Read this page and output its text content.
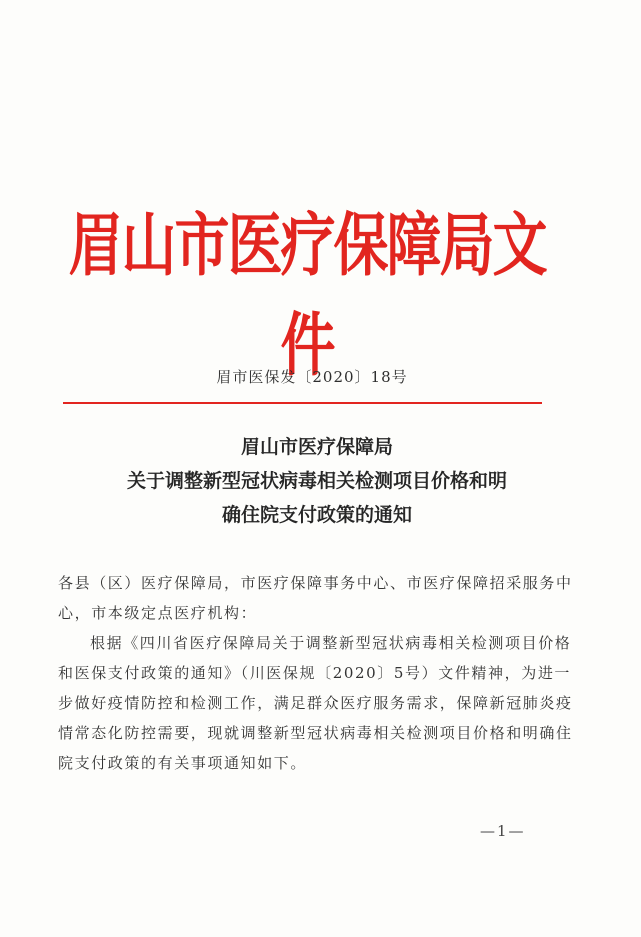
眉山市医疗保障局文件
眉市医保发〔2020〕18号
眉山市医疗保障局
关于调整新型冠状病毒相关检测项目价格和明
确住院支付政策的通知

各县（区）医疗保障局，市医疗保障事务中心、市医疗保障招采服务中心，市本级定点医疗机构：

根据《四川省医疗保障局关于调整新型冠状病毒相关检测项目价格和医保支付政策的通知》（川医保规〔2020〕5号）文件精神，为进一步做好疫情防控和检测工作，满足群众医疗服务需求，保障新冠肺炎疫情常态化防控需要，现就调整新型冠状病毒相关检测项目价格和明确住院支付政策的有关事项通知如下。

—1—
